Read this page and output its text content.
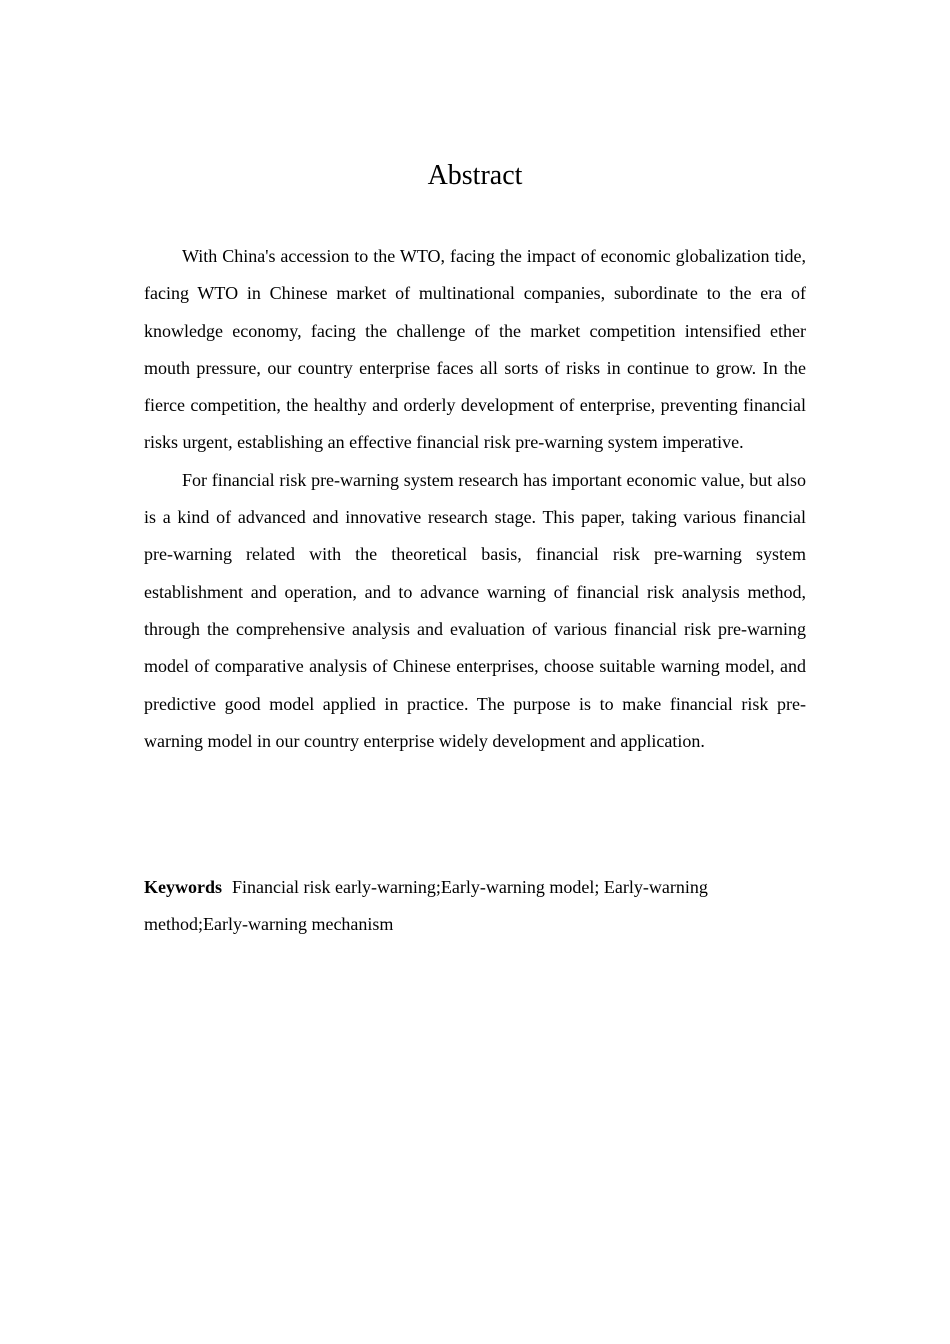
Abstract

With China's accession to the WTO, facing the impact of economic globalization tide, facing WTO in Chinese market of multinational companies, subordinate to the era of knowledge economy, facing the challenge of the market competition intensified ether mouth pressure, our country enterprise faces all sorts of risks in continue to grow. In the fierce competition, the healthy and orderly development of enterprise, preventing financial risks urgent, establishing an effective financial risk pre-warning system imperative.

For financial risk pre-warning system research has important economic value, but also is a kind of advanced and innovative research stage. This paper, taking various financial pre-warning related with the theoretical basis, financial risk pre-warning system establishment and operation, and to advance warning of financial risk analysis method, through the comprehensive analysis and evaluation of various financial risk pre-warning model of comparative analysis of Chinese enterprises, choose suitable warning model, and predictive good model applied in practice. The purpose is to make financial risk pre-warning model in our country enterprise widely development and application.

Keywords Financial risk early-warning;Early-warning model; Early-warning method;Early-warning mechanism
